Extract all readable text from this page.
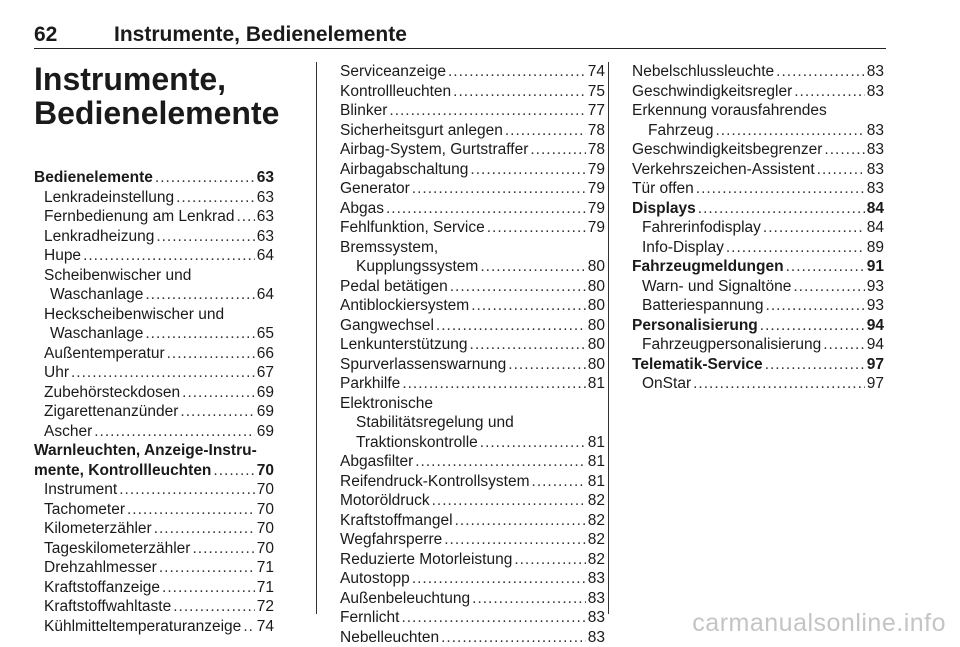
62	Instrumente, Bedienelemente
Instrumente,
Bedienelemente
Bedienelemente .....	63
Lenkradeinstellung .....	63
Fernbedienung am Lenkrad ..... 63
Lenkradheizung .....	63
Hupe .....	64
Scheibenwischer und
Waschanlage .....	64
Heckscheibenwischer und
Waschanlage .....	65
Außentemperatur .....	66
Uhr .....	67
Zubehörsteckdosen .....	69
Zigarettenanzünder .....	69
Ascher .....	69
Warnleuchten, Anzeige-Instru-
mente, Kontrollleuchten .....	70
Instrument .....	70
Tachometer .....	70
Kilometerzähler .....	70
Tageskilometerzähler .....	70
Drehzahlmesser .....	71
Kraftstoffanzeige .....	71
Kraftstoffwahltaste .....	72
Kühlmitteltemperaturanzeige ..... 74
Serviceanzeige .....	74
Kontrollleuchten .....	75
Blinker .....	77
Sicherheitsgurt anlegen .....	78
Airbag-System, Gurtstraffer .....	78
Airbagabschaltung .....	79
Generator .....	79
Abgas .....	79
Fehlfunktion, Service .....	79
Bremssystem,
Kupplungssystem .....	80
Pedal betätigen .....	80
Antiblockiersystem .....	80
Gangwechsel .....	80
Lenkunterstützung .....	80
Spurverlassenswarnung .....	80
Parkhilfe .....	81
Elektronische
Stabilitätsregelung und
Traktionskontrolle .....	81
Abgasfilter .....	81
Reifendruck-Kontrollsystem .....	81
Motoröldruck .....	82
Kraftstoffmangel .....	82
Wegfahrsperre .....	82
Reduzierte Motorleistung .....	82
Autostopp .....	83
Außenbeleuchtung .....	83
Fernlicht .....	83
Nebelleuchten .....	83
Nebelschlussleuchte .....	83
Geschwindigkeitsregler .....	83
Erkennung vorausfahrendes
Fahrzeug .....	83
Geschwindigkeitsbegrenzer .....	83
Verkehrszeichen-Assistent .....	83
Tür offen .....	83
Displays .....	84
Fahrerinfodisplay .....	84
Info-Display .....	89
Fahrzeugmeldungen .....	91
Warn- und Signaltöne .....	93
Batteriespannung .....	93
Personalisierung .....	94
Fahrzeugpersonalisierung .....	94
Telematik-Service .....	97
OnStar .....	97
carmanualsonline.info
